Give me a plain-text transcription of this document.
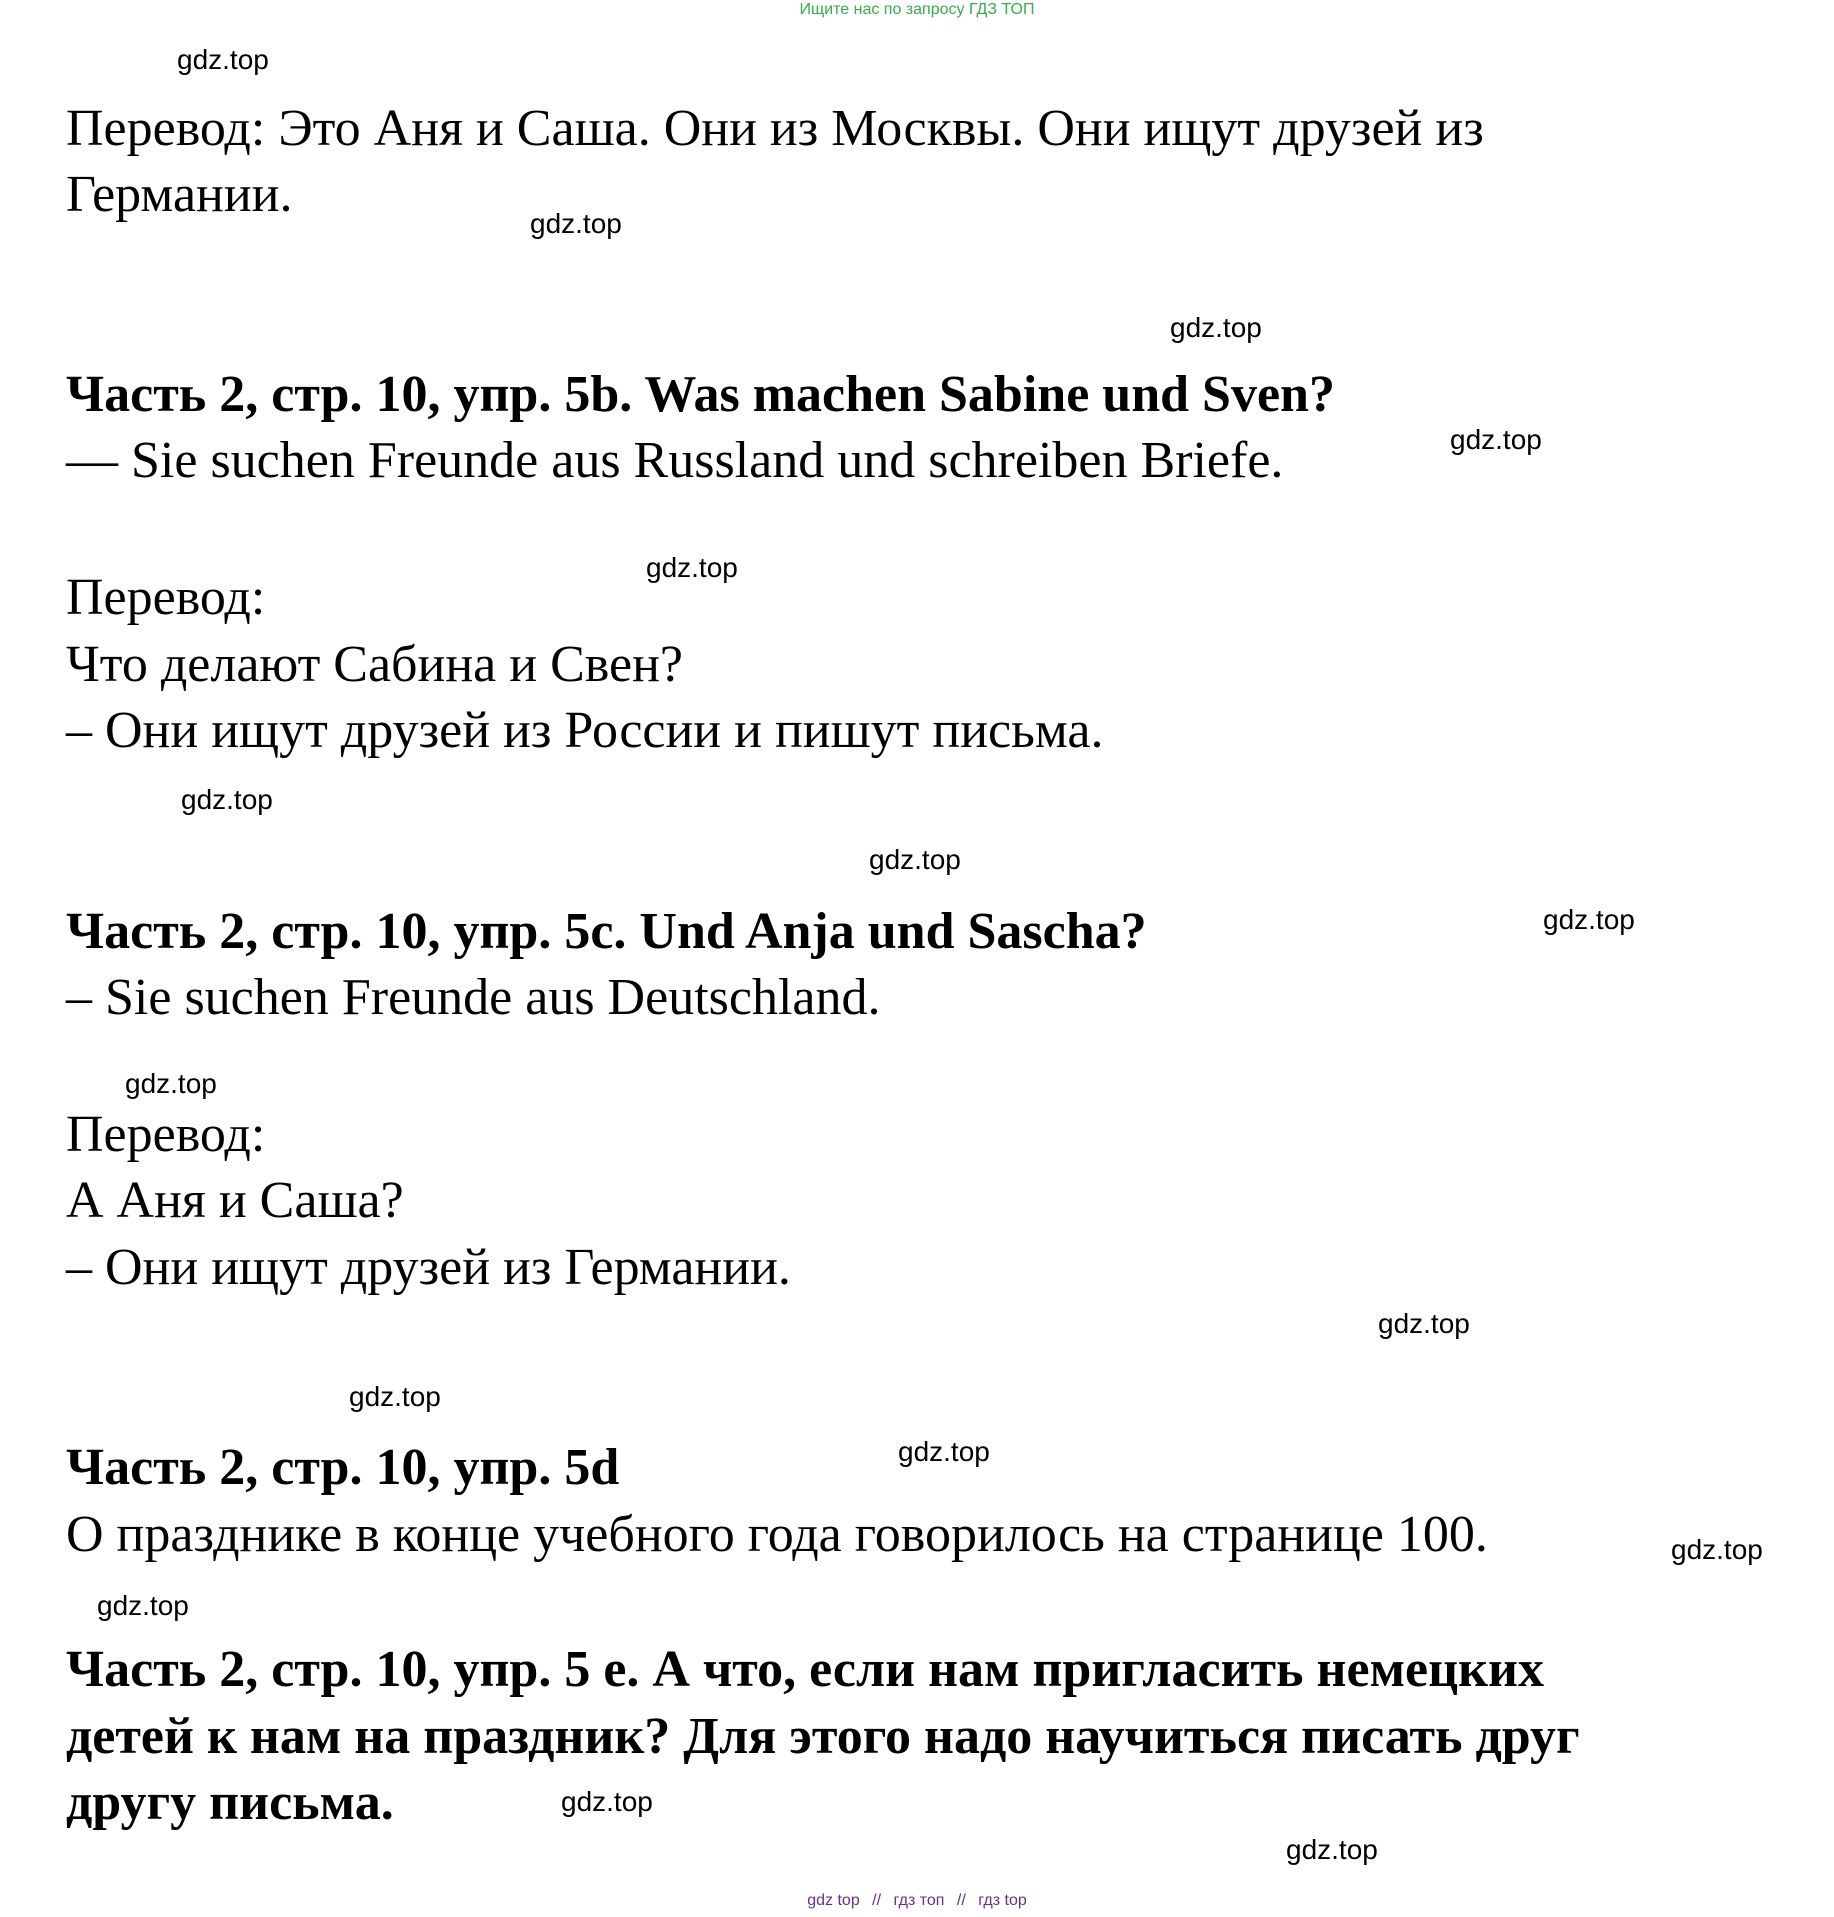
Ищите нас по запросу ГДЗ ТОП
Перевод: Это Аня и Саша. Они из Москвы. Они ищут друзей из
Германии.
Часть 2, стр. 10, упр. 5b. Was machen Sabine und Sven?
— Sie suchen Freunde aus Russland und schreiben Briefe.
Перевод:
Что делают Сабина и Свен?
– Они ищут друзей из России и пишут письма.
Часть 2, стр. 10, упр. 5c. Und Anja und Sascha?
– Sie suchen Freunde aus Deutschland.
Перевод:
А Аня и Саша?
– Они ищут друзей из Германии.
Часть 2, стр. 10, упр. 5d
О празднике в конце учебного года говорилось на странице 100.
Часть 2, стр. 10, упр. 5 е. А что, если нам пригласить немецких
детей к нам на праздник? Для этого надо научиться писать друг
другу письма.
gdz.top
gdz.top
gdz.top
gdz.top
gdz.top
gdz.top
gdz.top
gdz.top
gdz.top
gdz.top
gdz.top
gdz.top
gdz.top
gdz.top
gdz.top
gdz.top
gdz top // гдз топ // гдз top
